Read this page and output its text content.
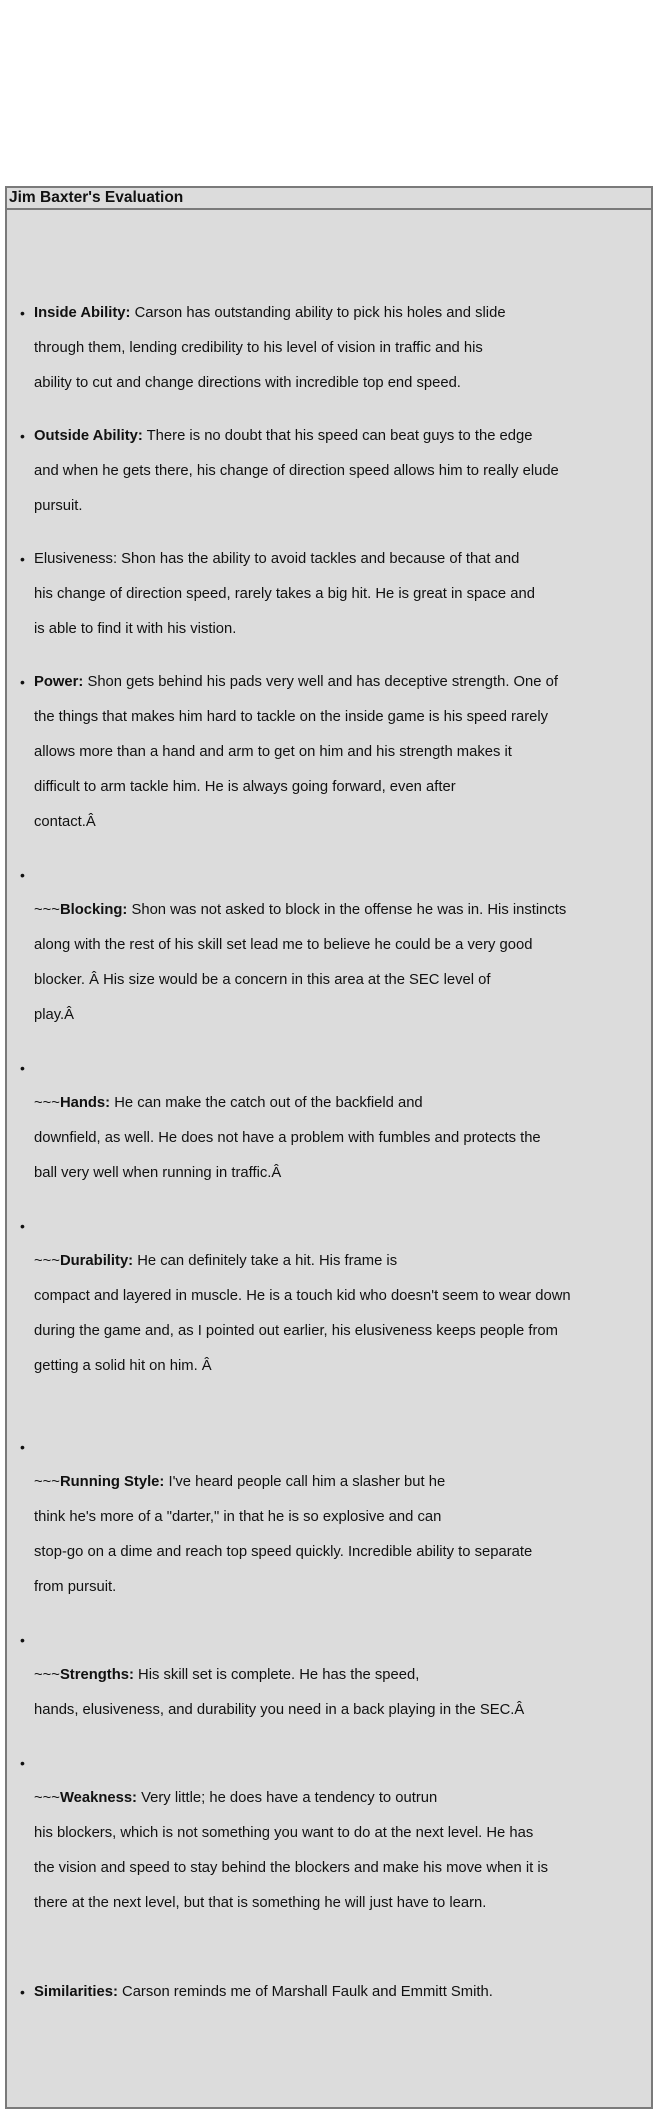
Jim Baxter's Evaluation
• Inside Ability: Carson has outstanding ability to pick his holes and slide
through them, lending credibility to his level of vision in traffic and his
ability to cut and change directions with incredible top end speed.
• Outside Ability: There is no doubt that his speed can beat guys to the edge
and when he gets there, his change of direction speed allows him to really elude
pursuit.
• Elusiveness: Shon has the ability to avoid tackles and because of that and
his change of direction speed, rarely takes a big hit. He is great in space and
is able to find it with his vistion.
• Power: Shon gets behind his pads very well and has deceptive strength. One of
the things that makes him hard to tackle on the inside game is his speed rarely
allows more than a hand and arm to get on him and his strength makes it
difficult to arm tackle him. He is always going forward, even after
contact.Â
• ~~~Blocking: Shon was not asked to block in the offense he was in. His instincts
along with the rest of his skill set lead me to believe he could be a very good
blocker. Â His size would be a concern in this area at the SEC level of
play.Â
• ~~~Hands: He can make the catch out of the backfield and
downfield, as well. He does not have a problem with fumbles and protects the
ball very well when running in traffic.Â
• ~~~Durability: He can definitely take a hit. His frame is
compact and layered in muscle. He is a touch kid who doesn't seem to wear down
during the game and, as I pointed out earlier, his elusiveness keeps people from
getting a solid hit on him. Â
• ~~~Running Style: I've heard people call him a slasher but he
think he's more of a "darter," in that he is so explosive and can
stop-go on a dime and reach top speed quickly. Incredible ability to separate
from pursuit.
• ~~~Strengths: His skill set is complete. He has the speed,
hands, elusiveness, and durability you need in a back playing in the SEC.Â
• ~~~Weakness: Very little; he does have a tendency to outrun
his blockers, which is not something you want to do at the next level. He has
the vision and speed to stay behind the blockers and make his move when it is
there at the next level, but that is something he will just have to learn.
• Similarities: Carson reminds me of Marshall Faulk and Emmitt Smith.
